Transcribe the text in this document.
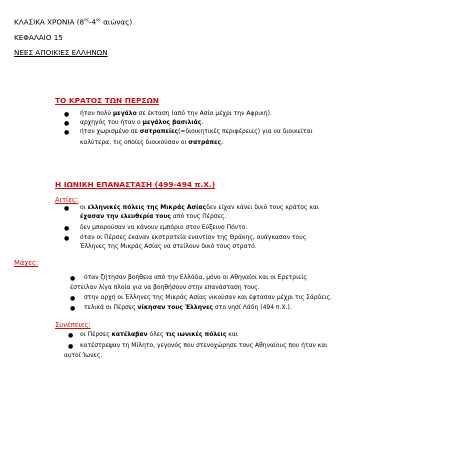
ΚΛΑΣΙΚΑ ΧΡΟΝΙΑ ($8^{o\varsigma}-4^{o\varsigma}$ αιώνας)
ΚΕΦΑΛΑΙΟ 15
ΝΕΕΣ ΑΠΟΙΚΙΕΣ ΕΛΛΗΝΩΝ
ΤΟ ΚΡΑΤΟΣ ΤΩΝ ΠΕΡΣΩΝ
● ήταν πολύ μεγάλο σε έκταση (από την Ασία μέχρι την Αφρική).
● αρχηγός του ήταν ο μεγάλος βασιλιάς.
● ήταν χωρισμένο σε σατραπείες(=διοικητικές περιφέρειες) για να διοικείται
καλύτερα, τις οποίες διοικούσαν οι σατράπες.
Η ΙΩΝΙΚΗ ΕΠΑΝΑΣΤΑΣΗ (499-494 π.Χ.)
Αιτίες:
● οι ελληνικές πόλεις της Μικράς Ασίαςδεν είχαν κάνει δικό τους κράτος και
έχασαν την ελευθερία τους από τους Πέρσες.
● δεν μπορούσαν να κάνουν εμπόριο στον Εύξεινο Πόντο.
● όταν οι Πέρσες έκαναν εκστρατεία εναντίον της Θράκης, ανάγκασαν τους
Έλληνες της Μικράς Ασίας να στείλουν δικό τους στρατό.
Μάχες:
● όταν ζήτησαν βοήθεια από την Ελλάδα, μόνο οι Αθηναίοι και οι Ερετριείς
έστειλαν λίγα πλοία για να βοηθήσουν στην επανάσταση τους.
● στην αρχή οι Έλληνες της Μικράς Ασίας νικούσαν και έφτασαν μέχρι τις Σάρδεις.
● τελικά οι Πέρσες νίκησαν τους Έλληνες στο νησί Λάδη (494 π.Χ.).
Συνέπειες:
● οι Πέρσες κατέλαβαν όλες τις ιωνικές πόλεις και
● κατέστρεψαν τη Μίλητο, γεγονός που στενοχώρησε τους Αθηναίους που ήταν και
αυτοί Ίωνες.
